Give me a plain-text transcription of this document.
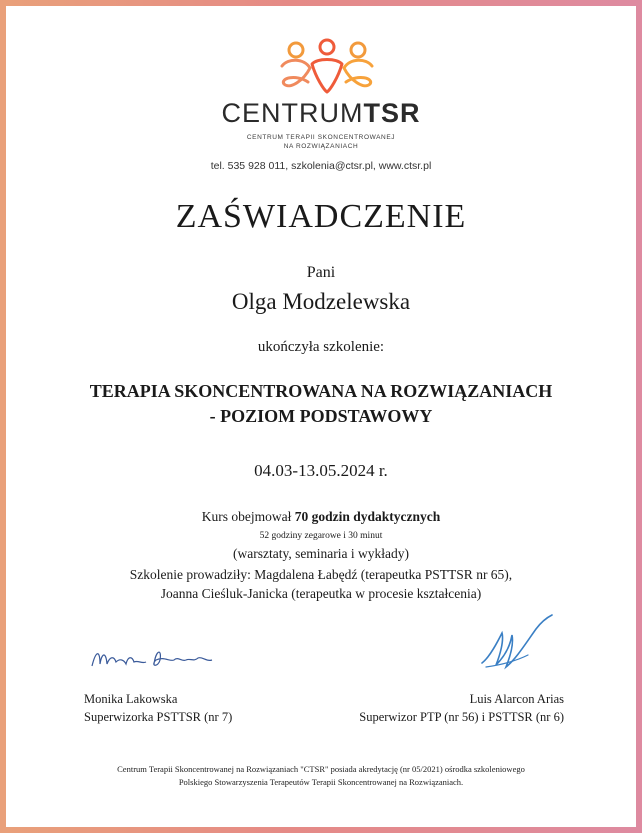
CENTRUMTSR
CENTRUM TERAPII SKONCENTROWANEJ
NA ROZWIĄZANIACH
tel. 535 928 011, szkolenia@ctsr.pl, www.ctsr.pl
ZAŚWIADCZENIE
Pani
Olga Modzelewska
ukończyła szkolenie:
TERAPIA SKONCENTROWANA NA ROZWIĄZANIACH
- POZIOM PODSTAWOWY
04.03-13.05.2024 r.
Kurs obejmował 70 godzin dydaktycznych
52 godziny zegarowe i 30 minut
(warsztaty, seminaria i wykłady)
Szkolenie prowadziły: Magdalena Łabędź (terapeutka PSTTSR nr 65),
Joanna Cieśluk-Janicka (terapeutka w procesie kształcenia)
Monika Lakowska
Superwizorka PSTTSR (nr 7)
Luis Alarcon Arias
Superwizor PTP (nr 56) i PSTTSR (nr 6)
Centrum Terapii Skoncentrowanej na Rozwiązaniach "CTSR" posiada akredytację (nr 05/2021) ośrodka szkoleniowego
Polskiego Stowarzyszenia Terapeutów Terapii Skoncentrowanej na Rozwiązaniach.
